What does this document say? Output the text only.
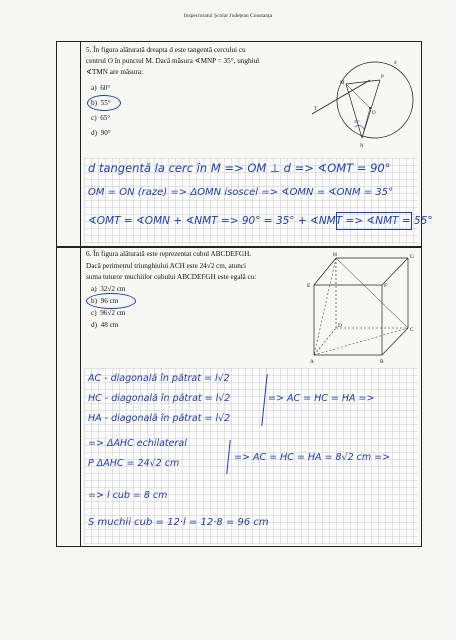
Inspectoratul Școlar Județean Constanța
5. În figura alăturată dreapta d este tangentă cercului cu
centrul O în punctul M. Dacă măsura ∢MNP = 35°, unghiul
∢TMN are măsura:
a) 60°
b) 55°
c) 65°
d) 90°
M
T
N
P
O
d
35°
d tangentă la cerc în M => OM ⊥ d => ∢OMT = 90°
OM = ON (raze) => ΔOMN isoscel => ∢OMN = ∢ONM = 35°
∢OMT = ∢OMN + ∢NMT => 90° = 35° + ∢NMT => ∢NMT = 55°
6. În figura alăturată este reprezentat cubul ABCDEFGH.
Dacă perimetrul triunghiului ACH este 24√2 cm, atunci
suma tuturor muchiilor cubului ABCDEFGH este egală cu:
a) 32√2 cm
b) 96 cm
c) 96√2 cm
d) 48 cm
H	G
E	F
D
C
A	B
AC - diagonală în pătrat = l√2
HC - diagonală în pătrat = l√2
HA - diagonală în pătrat = l√2
=> AC = HC = HA =>
=> ΔAHC echilateral
P ΔAHC = 24√2 cm
=> AC = HC = HA = 8√2 cm =>
=> l cub = 8 cm
S muchii cub = 12·l = 12·8 = 96 cm
